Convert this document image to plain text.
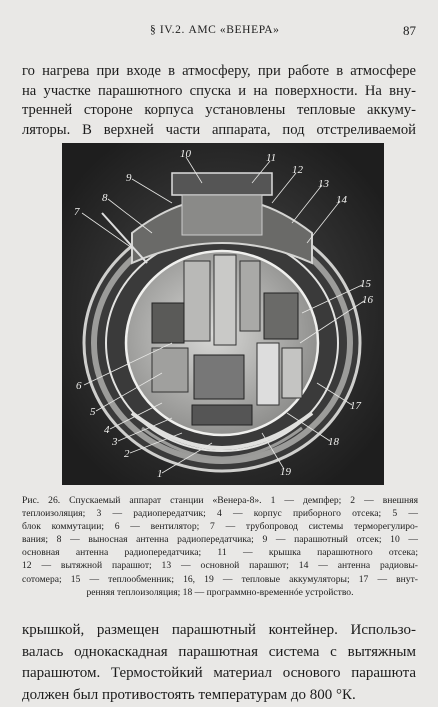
§ IV.2. АМС «ВЕНЕРА»	87
го нагрева при входе в атмосферу, при работе в атмосфере
на участке парашютного спуска и на поверхности. На вну-
тренней стороне корпуса установлены тепловые аккуму-
ляторы. В верхней части аппарата, под отстреливаемой
1
2
3
4
5
6
7
8
9
10	11
12
13
14
15
16
17
18
19
Рис. 26. Спускаемый аппарат станции «Венера-8». 1 — демпфер; 2 — внешняя
теплоизоляция; 3 — радиопередатчик; 4 — корпус приборного отсека; 5 —
блок коммутации; 6 — вентилятор; 7 — трубопровод системы терморегулиро-
вания; 8 — выносная антенна радиопередатчика; 9 — парашютный отсек; 10 —
основная антенна радиопередатчика; 11 — крышка парашютного отсека;
12 — вытяжной парашют; 13 — основной парашют; 14 — антенна радиовы-
сотомера; 15 — теплообменник; 16, 19 — тепловые аккумуляторы; 17 — внут-
ренняя теплоизоляция; 18 — программно-временнóе устройство.
крышкой, размещен парашютный контейнер. Использо-
валась однокаскадная парашютная система с вытяжным
парашютом. Термостойкий материал основого парашюта
должен был противостоять температурам до 800 °К.
